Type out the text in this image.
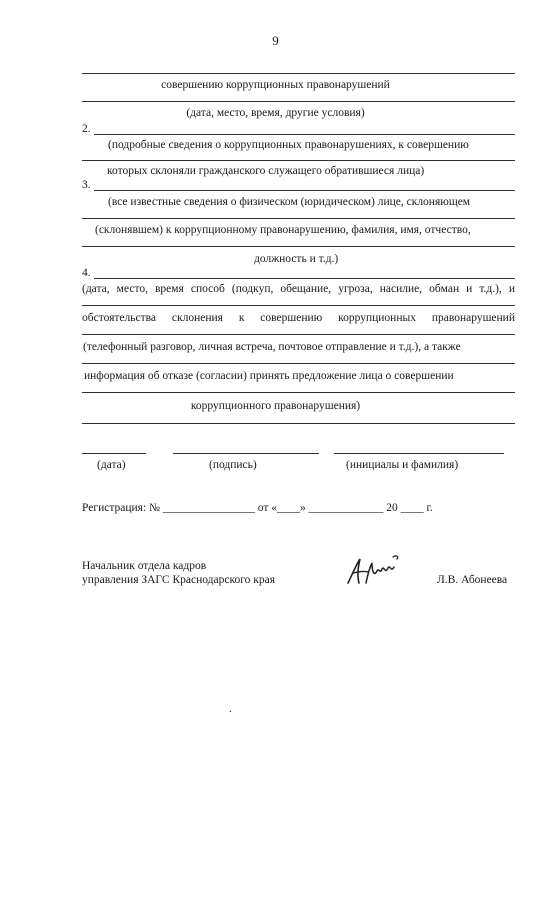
9
совершению коррупционных правонарушений
(дата, место, время, другие условия)
2.
(подробные сведения о коррупционных правонарушениях, к совершению
которых склоняли гражданского служащего обратившиеся лица)
3.
(все известные сведения о физическом (юридическом) лице, склоняющем
(склонявшем) к коррупционному правонарушению, фамилия, имя, отчество,
должность и т.д.)
4.
(дата, место, время способ (подкуп, обещание, угроза, насилие, обман и т.д.), и
обстоятельства склонения к совершению коррупционных правонарушений
(телефонный разговор, личная встреча, почтовое отправление и т.д.), а также
информация об отказе (согласии) принять предложение лица о совершении
коррупционного правонарушения)
(дата)	(подпись)	(инициалы и фамилия)
Регистрация: № ________________ от «____» _____________ 20 ____ г.
Начальник отдела кадров
управления ЗАГС Краснодарского края	Л.В. Абонеева
.
